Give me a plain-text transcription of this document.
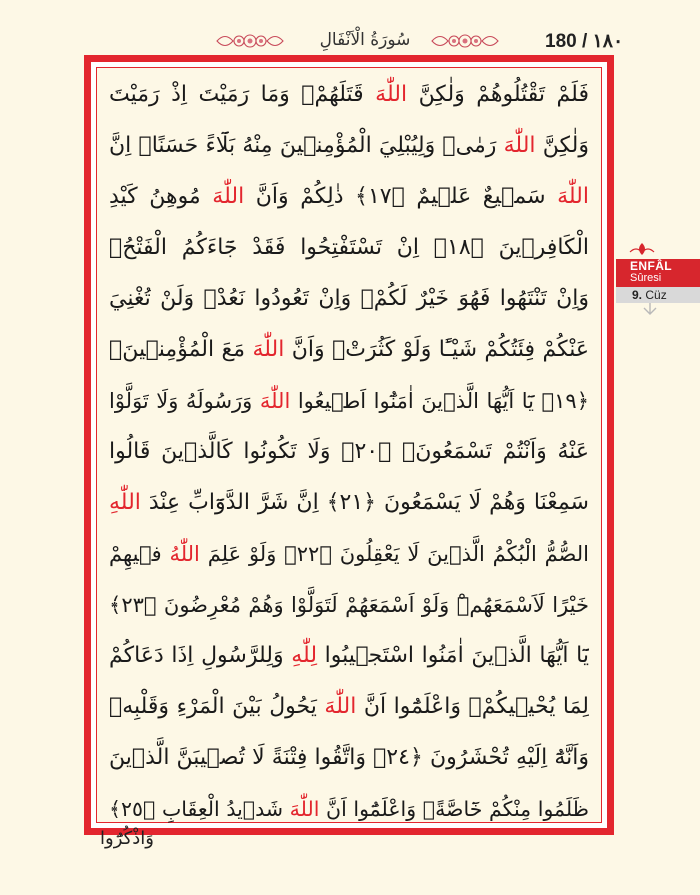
سُورَةُ الْاَنْفَالِ	180 / ١٨٠
فَلَمْ تَقْتُلُوهُمْ وَلٰكِنَّ اللّٰهَ قَتَلَهُمْۖ وَمَا رَمَيْتَ اِذْ رَمَيْتَ
وَلٰكِنَّ اللّٰهَ رَمٰىۚ وَلِيُبْلِيَ الْمُؤْمِن۪ينَ مِنْهُ بَلَٓاءً حَسَنًاۜ اِنَّ
اللّٰهَ سَم۪يعٌ عَل۪يمٌ ﴿١٧﴾ ذٰلِكُمْ وَاَنَّ اللّٰهَ مُوهِنُ كَيْدِ
الْكَافِر۪ينَ ﴿١٨﴾ اِنْ تَسْتَفْتِحُوا فَقَدْ جَٓاءَكُمُ الْفَتْحُۚ
وَاِنْ تَنْتَهُوا فَهُوَ خَيْرٌ لَكُمْۚ وَاِنْ تَعُودُوا نَعُدْۚ وَلَنْ تُغْنِيَ
عَنْكُمْ فِئَتُكُمْ شَيْـًٔا وَلَوْ كَثُرَتْۙ وَاَنَّ اللّٰهَ مَعَ الْمُؤْمِن۪ينَ۟
﴿١٩﴾ يَٓا اَيُّهَا الَّذ۪ينَ اٰمَنُٓوا اَط۪يعُوا اللّٰهَ وَرَسُولَهُ وَلَا تَوَلَّوْا
عَنْهُ وَاَنْتُمْ تَسْمَعُونَۚ ﴿٢٠﴾ وَلَا تَكُونُوا كَالَّذ۪ينَ قَالُوا
سَمِعْنَا وَهُمْ لَا يَسْمَعُونَ ﴿٢١﴾ اِنَّ شَرَّ الدَّوَٓابِّ عِنْدَ اللّٰهِ
الصُّمُّ الْبُكْمُ الَّذ۪ينَ لَا يَعْقِلُونَ ﴿٢٢﴾ وَلَوْ عَلِمَ اللّٰهُ ف۪يهِمْ
خَيْرًا لَاَسْمَعَهُمْۜ وَلَوْ اَسْمَعَهُمْ لَتَوَلَّوْا وَهُمْ مُعْرِضُونَ ﴿٢٣﴾
يَٓا اَيُّهَا الَّذ۪ينَ اٰمَنُوا اسْتَج۪يبُوا لِلّٰهِ وَلِلرَّسُولِ اِذَا دَعَاكُمْ
لِمَا يُحْي۪يكُمْۚ وَاعْلَمُٓوا اَنَّ اللّٰهَ يَحُولُ بَيْنَ الْمَرْءِ وَقَلْبِه۪
وَاَنَّهُٓ اِلَيْهِ تُحْشَرُونَ ﴿٢٤﴾ وَاتَّقُوا فِتْنَةً لَا تُص۪يبَنَّ الَّذ۪ينَ
ظَلَمُوا مِنْكُمْ خَٓاصَّةًۚ وَاعْلَمُٓوا اَنَّ اللّٰهَ شَد۪يدُ الْعِقَابِ ﴿٢٥﴾
وَاذْكُرُٓوا
ENFÂL
Sûresi
9. Cüz
